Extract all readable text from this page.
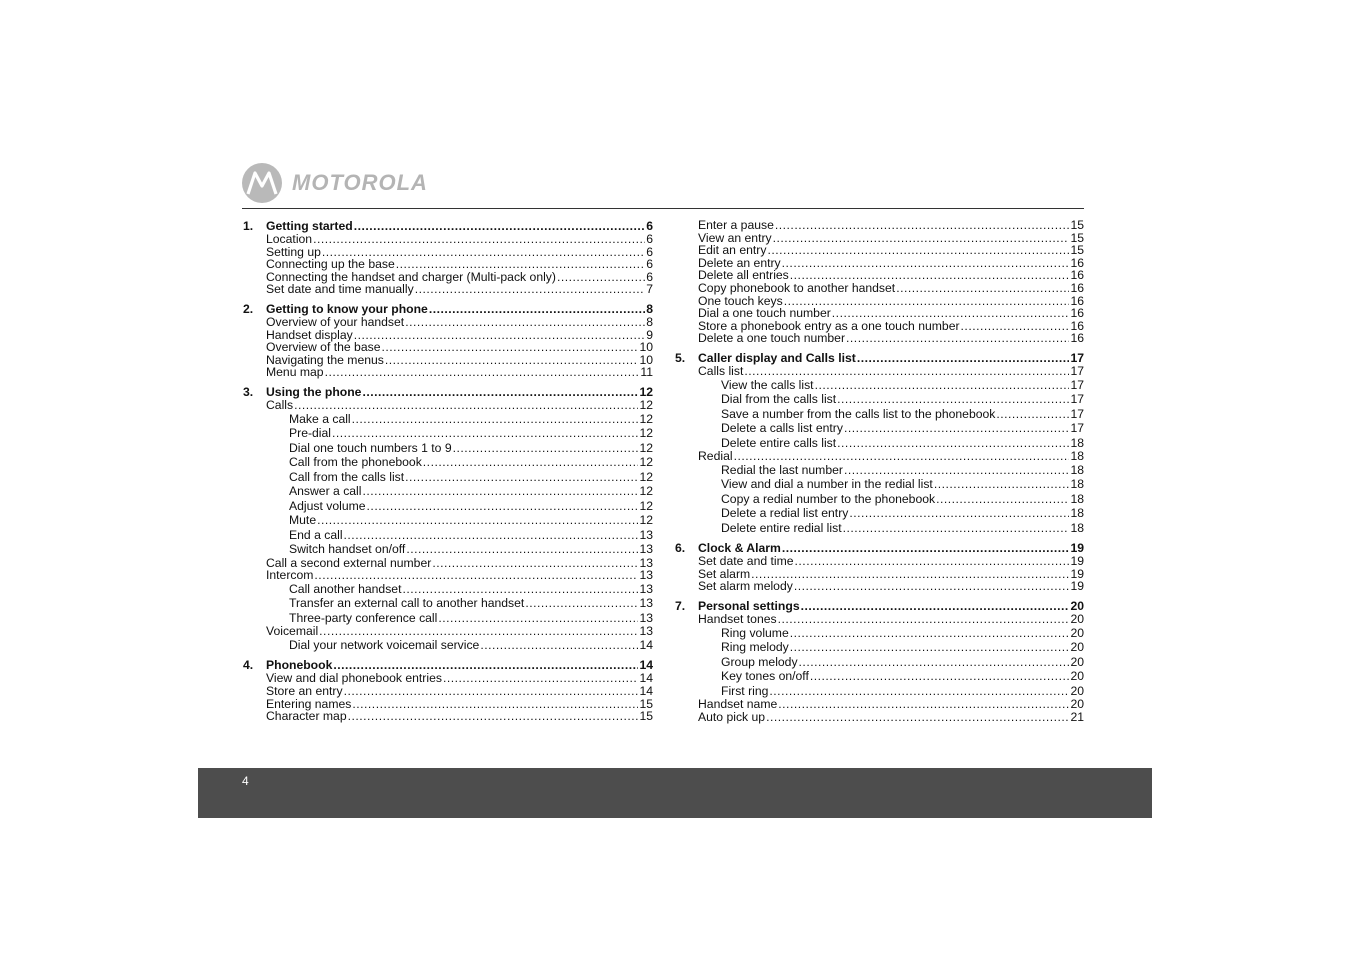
MOTOROLA
1.	Getting started .....	6
Location .....	6
Setting up .....	6
Connecting up the base .....	6
Connecting the handset and charger (Multi-pack only) .....	6
Set date and time manually .....	7
2.	Getting to know your phone .....	8
Overview of your handset .....	8
Handset display .....	9
Overview of the base .....	10
Navigating the menus .....	10
Menu map .....	11
3.	Using the phone .....	12
Calls .....	12
Make a call .....	12
Pre-dial .....	12
Dial one touch numbers 1 to 9 .....	12
Call from the phonebook .....	12
Call from the calls list .....	12
Answer a call .....	12
Adjust volume .....	12
Mute .....	12
End a call .....	13
Switch handset on/off .....	13
Call a second external number .....	13
Intercom .....	13
Call another handset .....	13
Transfer an external call to another handset .....	13
Three-party conference call .....	13
Voicemail .....	13
Dial your network voicemail service .....	14
4.	Phonebook .....	14
View and dial phonebook entries .....	14
Store an entry .....	14
Entering names .....	15
Character map .....	15
Enter a pause .....	15
View an entry .....	15
Edit an entry .....	15
Delete an entry .....	16
Delete all entries .....	16
Copy phonebook to another handset .....	16
One touch keys .....	16
Dial a one touch number .....	16
Store a phonebook entry as a one touch number .....	16
Delete a one touch number .....	16
5.	Caller display and Calls list .....	17
Calls list .....	17
View the calls list .....	17
Dial from the calls list .....	17
Save a number from the calls list to the phonebook .....	17
Delete a calls list entry .....	17
Delete entire calls list .....	18
Redial .....	18
Redial the last number .....	18
View and dial a number in the redial list .....	18
Copy a redial number to the phonebook .....	18
Delete a redial list entry .....	18
Delete entire redial list .....	18
6.	Clock & Alarm .....	19
Set date and time .....	19
Set alarm .....	19
Set alarm melody .....	19
7.	Personal settings .....	20
Handset tones .....	20
Ring volume .....	20
Ring melody .....	20
Group melody .....	20
Key tones on/off .....	20
First ring .....	20
Handset name .....	20
Auto pick up .....	21
4
